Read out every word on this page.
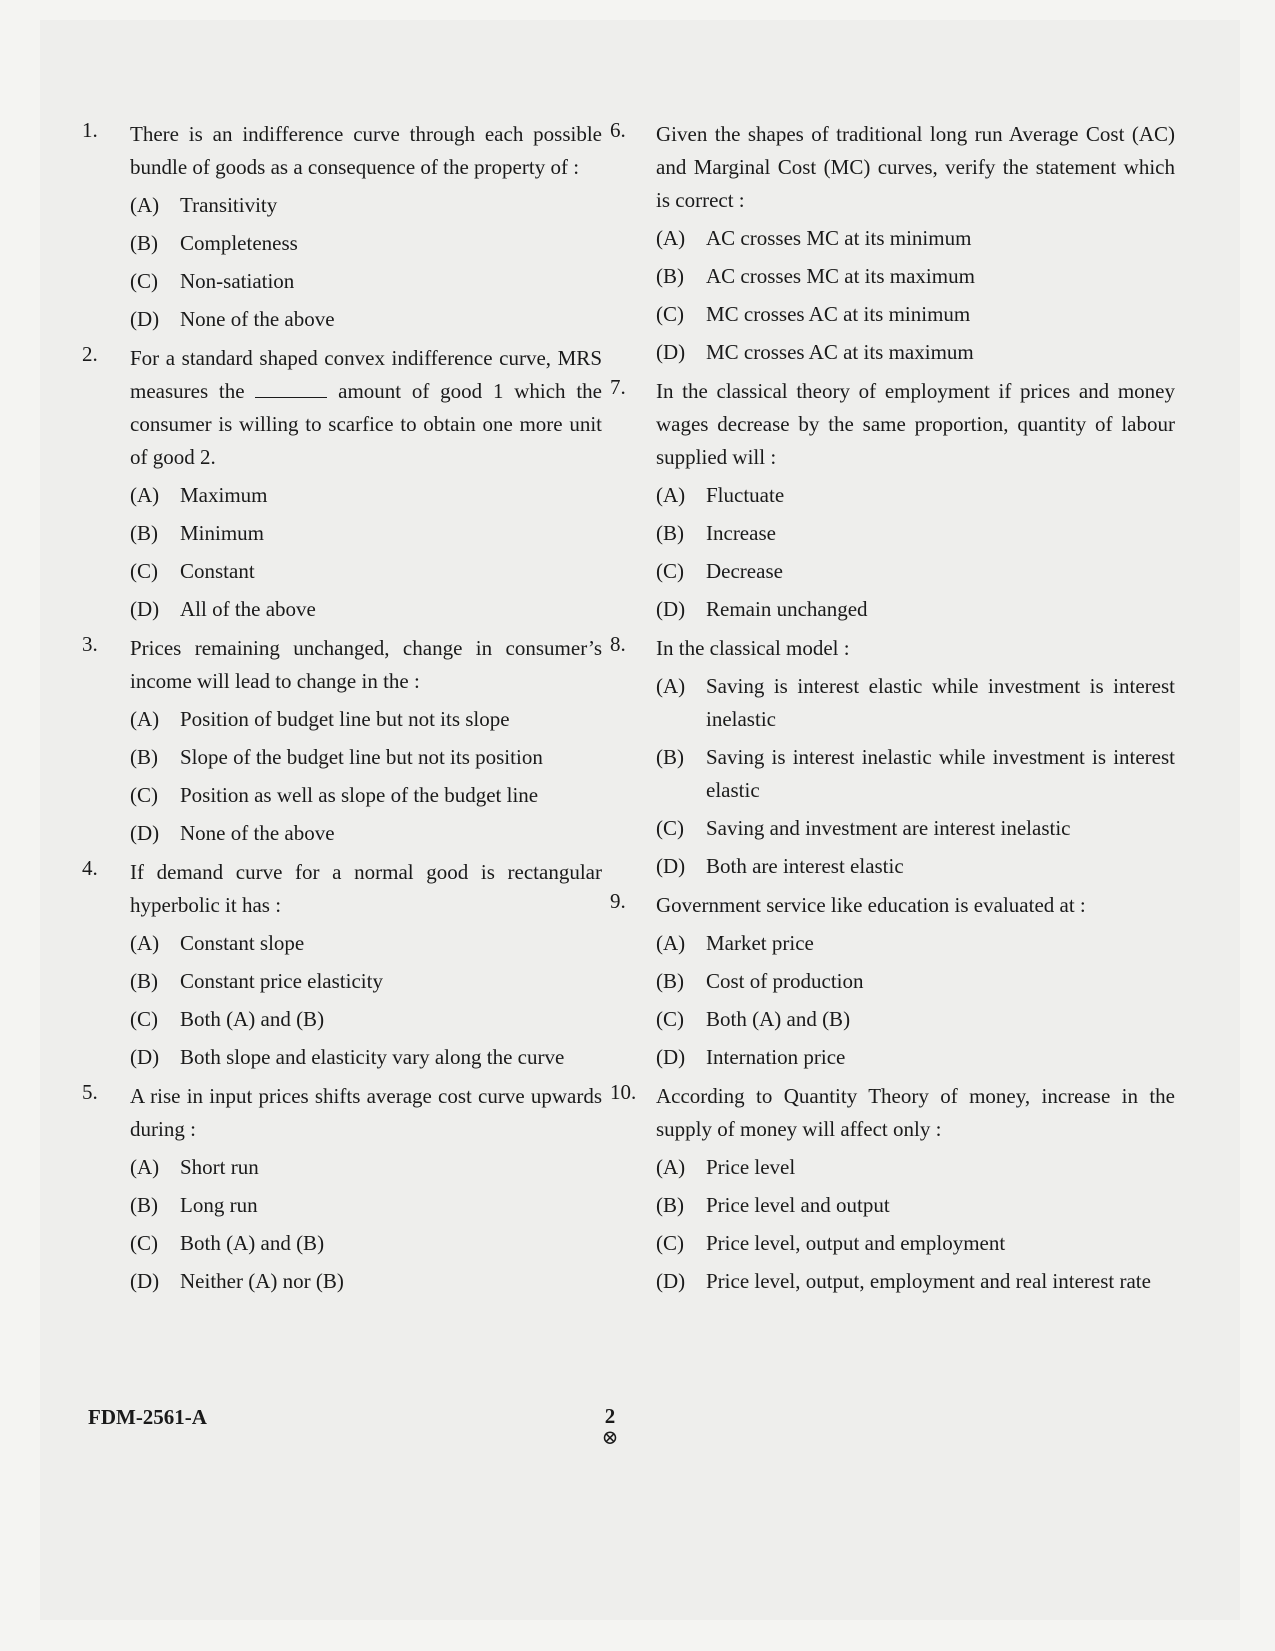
1.	There is an indifference curve through each possible bundle of goods as a consequence of the property of :
(A) Transitivity
(B)	Completeness
(C)	Non-satiation
(D) None of the above
2.	For a standard shaped convex indifference curve, MRS measures the	amount of good 1 which the consumer is willing to scarfice to obtain one more unit of good 2.
(A) Maximum
(B)	Minimum
(C)	Constant
(D) All of the above
3.	Prices remaining unchanged, change in consumer’s income will lead to change in the :
(A) Position of budget line but not its slope
(B)	Slope of the budget line but not its position
(C)	Position as well as slope of the budget line
(D) None of the above
4.	If demand curve for a normal good is rectangular hyperbolic it has :
(A) Constant slope
(B)	Constant price elasticity
(C)	Both (A) and (B)
(D) Both slope and elasticity vary along the curve
5.	A rise in input prices shifts average cost curve upwards during :
(A) Short run
(B)	Long run
(C)	Both (A) and (B)
(D) Neither (A) nor (B)
6.	Given the shapes of traditional long run Average Cost (AC) and Marginal Cost (MC) curves, verify the statement which is correct :
(A) AC crosses MC at its minimum
(B)	AC crosses MC at its maximum
(C)	MC crosses AC at its minimum
(D) MC crosses AC at its maximum
7.	In the classical theory of employment if prices and money wages decrease by the same proportion, quantity of labour supplied will :
(A) Fluctuate
(B)	Increase
(C)	Decrease
(D) Remain unchanged
8.	In the classical model :
(A) Saving is interest elastic while investment is interest inelastic
(B)	Saving is interest inelastic while investment is interest elastic
(C)	Saving and investment are interest inelastic
(D) Both are interest elastic
9.	Government service like education is evaluated at :
(A) Market price
(B)	Cost of production
(C)	Both (A) and (B)
(D) Internation price
10. According to Quantity Theory of money, increase in the supply of money will affect only :
(A) Price level
(B)	Price level and output
(C)	Price level, output and employment
(D) Price level, output, employment and real interest rate
FDM-2561-A	2
⊗
